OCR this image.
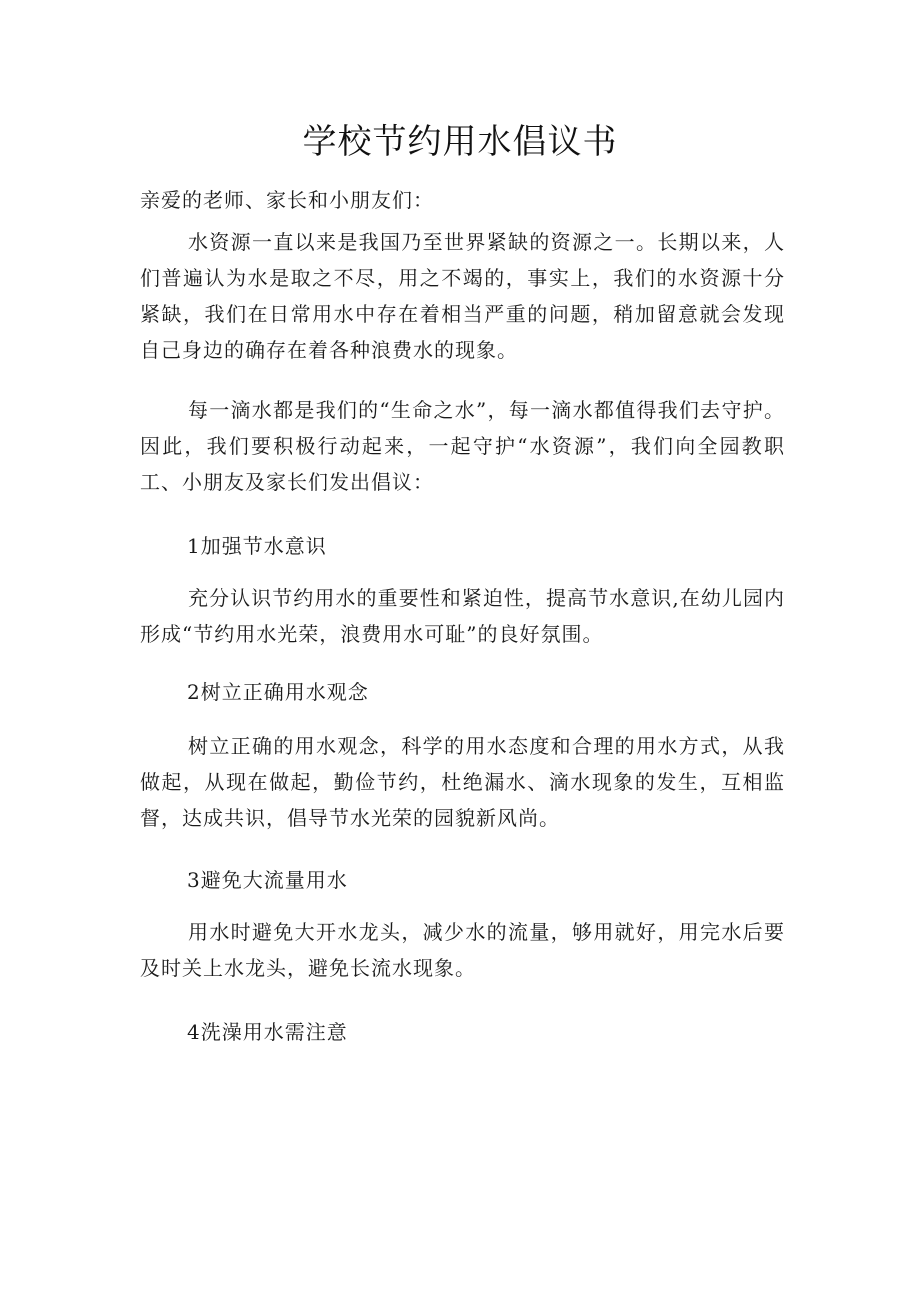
学校节约用水倡议书

亲爱的老师、家长和小朋友们：

水资源一直以来是我国乃至世界紧缺的资源之一。长期以来，人们普遍认为水是取之不尽，用之不竭的，事实上，我们的水资源十分紧缺，我们在日常用水中存在着相当严重的问题，稍加留意就会发现自己身边的确存在着各种浪费水的现象。

每一滴水都是我们的“生命之水”，每一滴水都值得我们去守护。因此，我们要积极行动起来，一起守护“水资源”，我们向全园教职工、小朋友及家长们发出倡议：

1加强节水意识

充分认识节约用水的重要性和紧迫性，提高节水意识,在幼儿园内形成“节约用水光荣，浪费用水可耻”的良好氛围。

2树立正确用水观念

树立正确的用水观念，科学的用水态度和合理的用水方式，从我做起，从现在做起，勤俭节约，杜绝漏水、滴水现象的发生，互相监督，达成共识，倡导节水光荣的园貌新风尚。

3避免大流量用水

用水时避免大开水龙头，减少水的流量，够用就好，用完水后要及时关上水龙头，避免长流水现象。

4洗澡用水需注意
